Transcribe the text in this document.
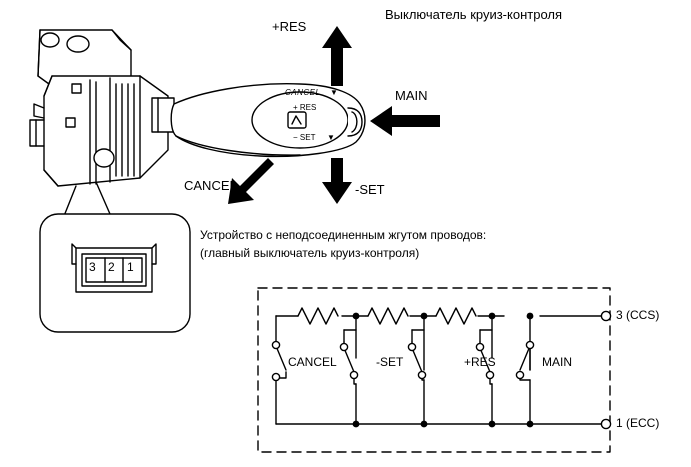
Выключатель круиз-контроля
+RES
MAIN
CANCEL	-SET
CANCEL ▼
+ RES
− SET ▼
Устройство с неподсоединенным жгутом проводов:
(главный выключатель круиз-контроля)
3 2 1
3 (CCS)
1 (ECC)
CANCEL	-SET	+RES	MAIN
